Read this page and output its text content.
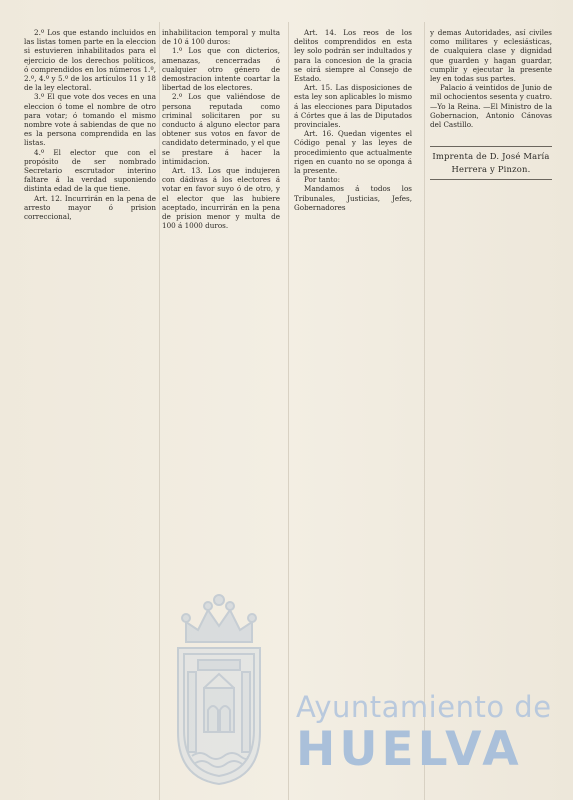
2.º Los que estando incluidos en las listas tomen parte en la eleccion si estuvieren inhabilitados para el ejercicio de los derechos políticos, ó comprendidos en los números 1.º, 2.º, 4.º y 5.º de los artículos 11 y 18 de la ley electoral.

3.º El que vote dos veces en una eleccion ó tome el nombre de otro para votar; ó tomando el mismo nombre vote á sabiendas de que no es la persona comprendida en las listas.

4.º El elector que con el propósito de ser nombrado Secretario escrutador interino faltare á la verdad suponiendo distinta edad de la que tiene.

Art. 12. Incurrirán en la pena de arresto mayor ó prision correccional,

inhabilitacion temporal y multa de 10 á 100 duros:

1.º Los que con dicterios, amenazas, cencerradas ó cualquier otro género de demostracion intente coartar la libertad de los electores.

2.º Los que valiéndose de persona reputada como criminal solicitaren por su conducto á alguno elector para obtener sus votos en favor de candidato determinado, y el que se prestare á hacer la intimidacion.

Art. 13. Los que indujeren con dádivas á los electores á votar en favor suyo ó de otro, y el elector que las hubiere aceptado, incurrirán en la pena de prision menor y multa de 100 á 1000 duros.

Art. 14. Los reos de los delitos comprendidos en esta ley solo podrán ser indultados y para la concesion de la gracia se oirá siempre al Consejo de Estado.

Art. 15. Las disposiciones de esta ley son aplicables lo mismo á las elecciones para Diputados á Córtes que á las de Diputados provinciales.

Art. 16. Quedan vigentes el Código penal y las leyes de procedimiento que actualmente rigen en cuanto no se oponga á la presente.

Por tanto:

Mandamos á todos los Tribunales, Justicias, Jefes, Gobernadores

y demas Autoridades, así civiles como militares y eclesiásticas, de cualquiera clase y dignidad que guarden y hagan guardar, cumplir y ejecutar la presente ley en todas sus partes.

Palacio á veintidos de Junio de mil ochocientos sesenta y cuatro. —Yo la Reina. —El Ministro de la Gobernacion, Antonio Cánovas del Castillo.

Imprenta de D. José María Herrera y Pinzon.
Ayuntamiento de
HUELVA
